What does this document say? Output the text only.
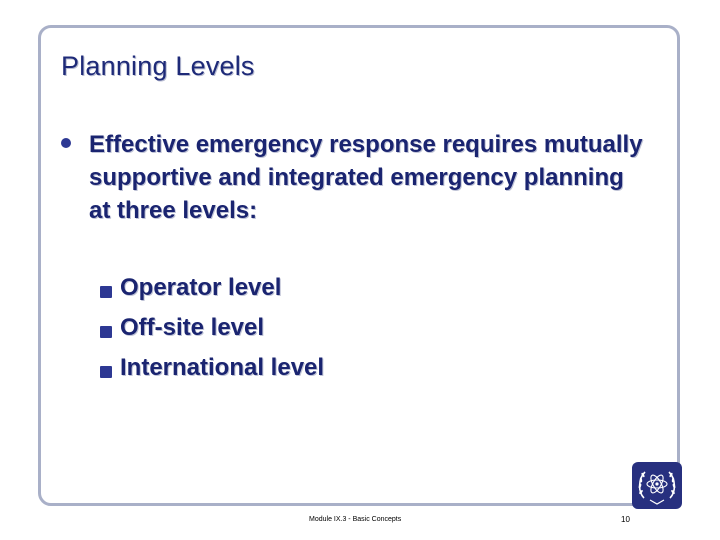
Planning Levels
Effective emergency response requires mutually supportive and integrated emergency planning at three levels:
Operator level
Off-site level
International level
Module IX.3 - Basic Concepts	10
